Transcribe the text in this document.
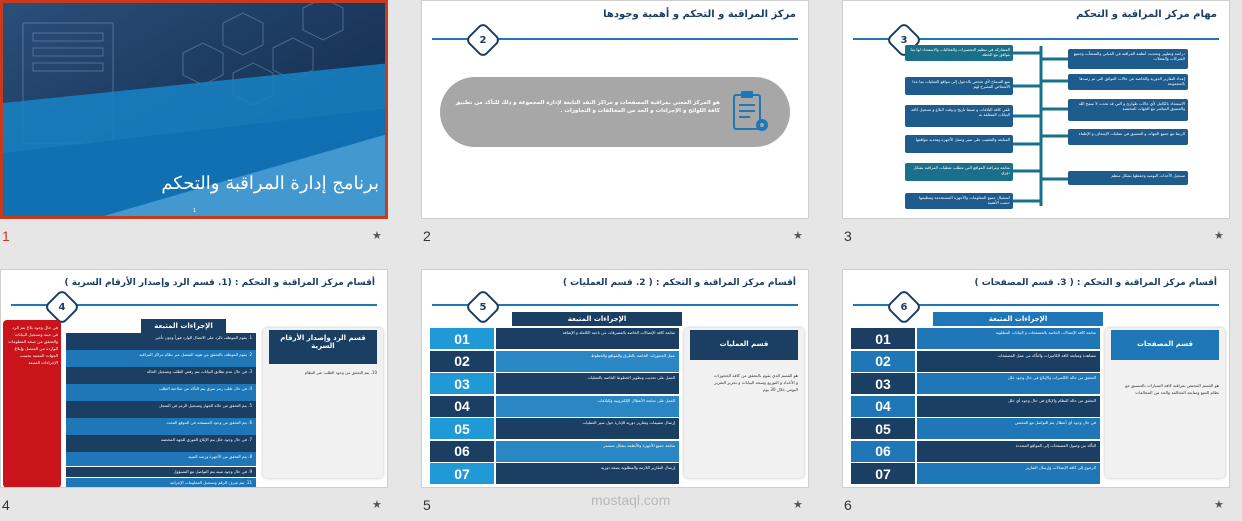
برنامج إدارة المراقبة والتحكم
1
1	★
مركز المراقبة و التحكم و أهمية وجودها
2
هو المركز المعني بمراقبة المصفحات و مراكز النقد التابعة لإدارة المجموعة و ذلك للتأكد من تطبيق كافة اللوائح و الإجراءات و الحد من المخالفات و التجاوزات .
2	★
مهام مركز المراقبة و التحكم
3
دراسة وتطوير وتحديث أنظمة المراقبة في المباني والمنشآت وجميع الشركات والمحلات
إعداد التقارير الدورية والخاصة عن حالات العوائق التي تم رصدها بالمجموعة
الاستعداد بالكامل لأي حالات طوارئ و التي قد تحدث لا سمح الله والتنسيق المباشر مع الجهات المختصة
الربط مع جميع الجهات و التنسيق في عمليات الإسعاف و الإطفاء
تسجيل الأحداث اليومية وحفظها بشكل منظم
المشاركة في تنظيم التحضيرات والفعاليات والاستعداد لها بما يتوافق مع الخطة
منع السماح لأي شخص بالدخول إلى مواقع العمليات بما عدا الأشخاص المصرح لهم
تلقي كافة البلاغات و ضبط تاريخ و وقت البلاغ و تسجيل كافة البيانات المتعلقة به
المتابعة والتعقيب على سير وعمل الأجهزة وتحديد مواقعها
متابعة ومراقبة المواقع التي تتطلب تغطيات المراقبة بشكل دوري
استقبال جميع المعلومات والأجهزة المستخدمة وتنظيمها حسب الأهمية
3	★
أقسام مركز المراقبة و التحكم : (1. قسم الرد وإصدار الأرقام السرية )
4
الإجراءات المتبعة
في حال وجود بلاغ يتم الرد في حينه وتسجيل البيانات والتحقق من صحة المعلومات الواردة من المتصل وإبلاغ الجهات المعنية بحسب الإجراءات المتبعة
1. يقوم الموظف بالرد على الاتصال الوارد فوراً ودون تأخير
2. يقوم الموظف بالتحقق من هوية المتصل عبر نظام مراكز المراقبة
3. في حال عدم تطابق البيانات يتم رفض الطلب وتسجيل الحالة
4. في حال طلب رمز سري يتم التأكد من صلاحية الطلب
5. يتم التحقق من حالة الجهاز وتسجيل الرمز في السجل
6. يتم التحقق من وجود المصفحة في الموقع المحدد
7. في حال وجود خلل يتم الإبلاغ الفوري للجهة المختصة
8. يتم التحقق من الأجهزة ورصد التنبيه
9. في حال وجود تنبيه يتم التواصل مع المسؤول
11. يتم صرف الرقم وتسجيل المعلومات الإجرائية
قسم الرد وإصدار الأرقام السرية
10. يتم التحقق من وجود الطلب عبر النظام
4	★
أقسام مركز المراقبة و التحكم : ( 2. قسم العمليات )
5
الإجراءات المتبعة
01	متابعة كافة الإتصالات الخاصة بالمصرفات من ناحية الكاملة و الإضافة
02	عمل الحجوزات الخاصة بالطرق والمواقع والخطوط
03	العمل على تحديث وتطوير الخطوط الخاصة بالعمليات
04	العمل على متابعة الأعطال الإلكترونية والبلاغات
05	إرسال تعميمات وتقارير دورية للإدارة حول سير العمليات
06	متابعة جميع الأجهزة والأنظمة بشكل مستمر
07	إرسال التقارير اللازمة والمطلوبة بصفة دورية
قسم العمليات
هو القسم الذي يقوم بالتحقق من كافة الحجوزات و الأعداد و التوزيع وصحة البيانات و تحرير التقرير اليومي خلال 30 يوم
5	★
mostaql.com
أقسام مركز المراقبة و التحكم : ( 3. قسم المصفحات )
6
الإجراءات المتبعة
01	متابعة كافة الإتصالات الخاصة بالمصفحات و البيانات المطلوبة
02	مشاهدة ومتابعة كافة الكاميرات والتأكد من عمل المصفحات
03	التحقق من حالة الكاميرات والإبلاغ في حال وجود خلل
04	التحقق من حالة النظام والإبلاغ في حال وجود أي خلل
05	في حال وجود أي أعطال يتم التواصل مع المختص
06	التأكد من وصول المصفحات إلى المواقع المحددة
07	الرجوع إلى كافة الإتصالات وإرسال التقارير
قسم المصفحات
هو القسم المختص بمراقبة كافة السيارات بالتنسيق مع نظام التتبع ومتابعة المخالفة والحد من المخالفات
6	★
